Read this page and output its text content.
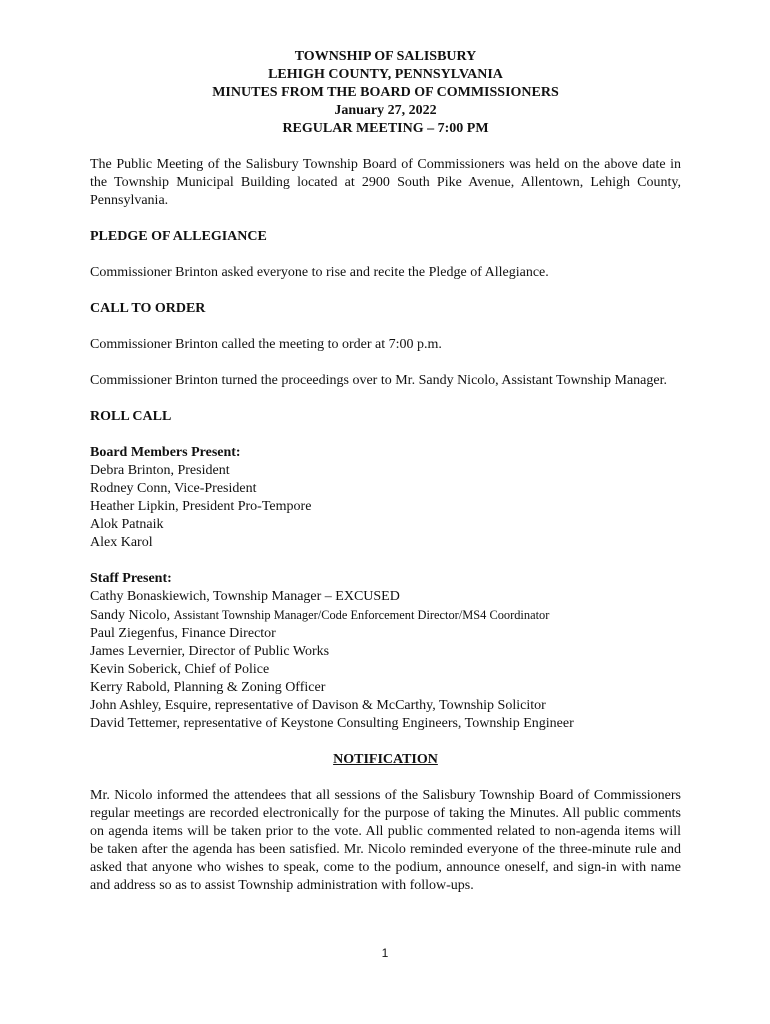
TOWNSHIP OF SALISBURY
LEHIGH COUNTY, PENNSYLVANIA
MINUTES FROM THE BOARD OF COMMISSIONERS
January 27, 2022
REGULAR MEETING – 7:00 PM

The Public Meeting of the Salisbury Township Board of Commissioners was held on the above date in the Township Municipal Building located at 2900 South Pike Avenue, Allentown, Lehigh County, Pennsylvania.

PLEDGE OF ALLEGIANCE

Commissioner Brinton asked everyone to rise and recite the Pledge of Allegiance.

CALL TO ORDER

Commissioner Brinton called the meeting to order at 7:00 p.m.

Commissioner Brinton turned the proceedings over to Mr. Sandy Nicolo, Assistant Township Manager.

ROLL CALL

Board Members Present:

Debra Brinton, President
Rodney Conn, Vice-President
Heather Lipkin, President Pro-Tempore
Alok Patnaik
Alex Karol

Staff Present:

Cathy Bonaskiewich, Township Manager – EXCUSED
Sandy Nicolo, Assistant Township Manager/Code Enforcement Director/MS4 Coordinator
Paul Ziegenfus, Finance Director
James Levernier, Director of Public Works
Kevin Soberick, Chief of Police
Kerry Rabold, Planning & Zoning Officer
John Ashley, Esquire, representative of Davison & McCarthy, Township Solicitor
David Tettemer, representative of Keystone Consulting Engineers, Township Engineer

NOTIFICATION

Mr. Nicolo informed the attendees that all sessions of the Salisbury Township Board of Commissioners regular meetings are recorded electronically for the purpose of taking the Minutes. All public comments on agenda items will be taken prior to the vote. All public commented related to non-agenda items will be taken after the agenda has been satisfied. Mr. Nicolo reminded everyone of the three-minute rule and asked that anyone who wishes to speak, come to the podium, announce oneself, and sign-in with name and address so as to assist Township administration with follow-ups.

1
